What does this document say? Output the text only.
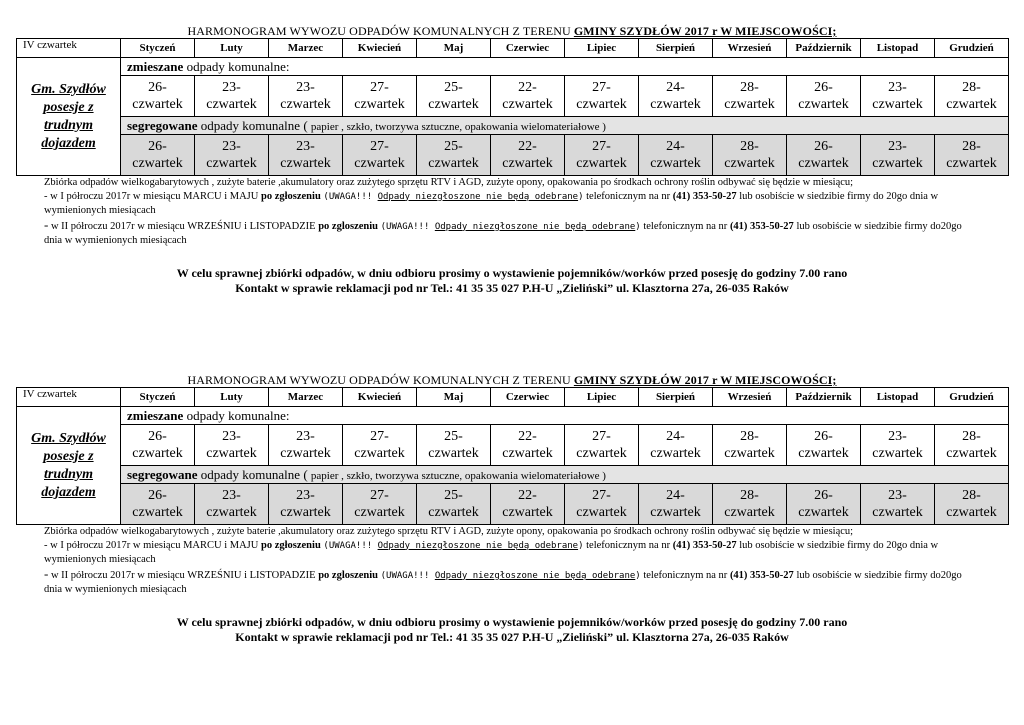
HARMONOGRAM WYWOZU ODPADÓW KOMUNALNYCH Z TERENU GMINY SZYDŁÓW 2017 r W MIEJSCOWOŚCI;
IV czwartek	Styczeń	Luty	Marzec	Kwiecień	Maj	Czerwiec	Lipiec	Sierpień	Wrzesień	Październik	Listopad	Grudzień

Gm. Szydłów
posesje z
trudnym
dojazdem	zmieszane odpady komunalne:											
	26-
czwartek	23-
czwartek	23-
czwartek	27-
czwartek	25-
czwartek	22-
czwartek	27-
czwartek	24-
czwartek	28-
czwartek	26-
czwartek	23-
czwartek	28-
czwartek
	segregowane odpady komunalne ( papier , szkło, tworzywa sztuczne, opakowania wielomateriałowe )											
	26-
czwartek	23-
czwartek	23-
czwartek	27-
czwartek	25-
czwartek	22-
czwartek	27-
czwartek	24-
czwartek	28-
czwartek	26-
czwartek	23-
czwartek	28-
czwartek
Zbiórka odpadów wielkogabarytowych , zużyte baterie ,akumulatory oraz zużytego sprzętu RTV i AGD, zużyte opony, opakowania po środkach ochrony roślin odbywać się będzie w miesiącu;
- w I półroczu 2017r w miesiącu MARCU i MAJU po zgłoszeniu (UWAGA!!! Odpady niezgłoszone nie będą odebrane) telefonicznym na nr (41) 353-50-27 lub osobiście w siedzibie firmy do 20go dnia w wymienionych miesiącach
- w II półroczu 2017r w miesiącu WRZEŚNIU i LISTOPADZIE po zgloszeniu (UWAGA!!! Odpady niezgłoszone nie będą odebrane) telefonicznym na nr (41) 353-50-27 lub osobiście w siedzibie firmy do20go dnia w wymienionych miesiącach
W celu sprawnej zbiórki odpadów, w dniu odbioru prosimy o wystawienie pojemników/worków przed posesję do godziny 7.00 rano
Kontakt w sprawie reklamacji pod nr Tel.: 41 35 35 027 P.H-U „Zieliński” ul. Klasztorna 27a, 26-035 Raków
HARMONOGRAM WYWOZU ODPADÓW KOMUNALNYCH Z TERENU GMINY SZYDŁÓW 2017 r W MIEJSCOWOŚCI;
IV czwartek	Styczeń	Luty	Marzec	Kwiecień	Maj	Czerwiec	Lipiec	Sierpień	Wrzesień	Październik	Listopad	Grudzień

Gm. Szydłów
posesje z
trudnym
dojazdem	zmieszane odpady komunalne:											
	26-
czwartek	23-
czwartek	23-
czwartek	27-
czwartek	25-
czwartek	22-
czwartek	27-
czwartek	24-
czwartek	28-
czwartek	26-
czwartek	23-
czwartek	28-
czwartek
	segregowane odpady komunalne ( papier , szkło, tworzywa sztuczne, opakowania wielomateriałowe )											
	26-
czwartek	23-
czwartek	23-
czwartek	27-
czwartek	25-
czwartek	22-
czwartek	27-
czwartek	24-
czwartek	28-
czwartek	26-
czwartek	23-
czwartek	28-
czwartek
Zbiórka odpadów wielkogabarytowych , zużyte baterie ,akumulatory oraz zużytego sprzętu RTV i AGD, zużyte opony, opakowania po środkach ochrony roślin odbywać się będzie w miesiącu;
- w I półroczu 2017r w miesiącu MARCU i MAJU po zgłoszeniu (UWAGA!!! Odpady niezgłoszone nie będą odebrane) telefonicznym na nr (41) 353-50-27 lub osobiście w siedzibie firmy do 20go dnia w wymienionych miesiącach
- w II półroczu 2017r w miesiącu WRZEŚNIU i LISTOPADZIE po zgloszeniu (UWAGA!!! Odpady niezgłoszone nie będą odebrane) telefonicznym na nr (41) 353-50-27 lub osobiście w siedzibie firmy do20go dnia w wymienionych miesiącach
W celu sprawnej zbiórki odpadów, w dniu odbioru prosimy o wystawienie pojemników/worków przed posesję do godziny 7.00 rano
Kontakt w sprawie reklamacji pod nr Tel.: 41 35 35 027 P.H-U „Zieliński” ul. Klasztorna 27a, 26-035 Raków
